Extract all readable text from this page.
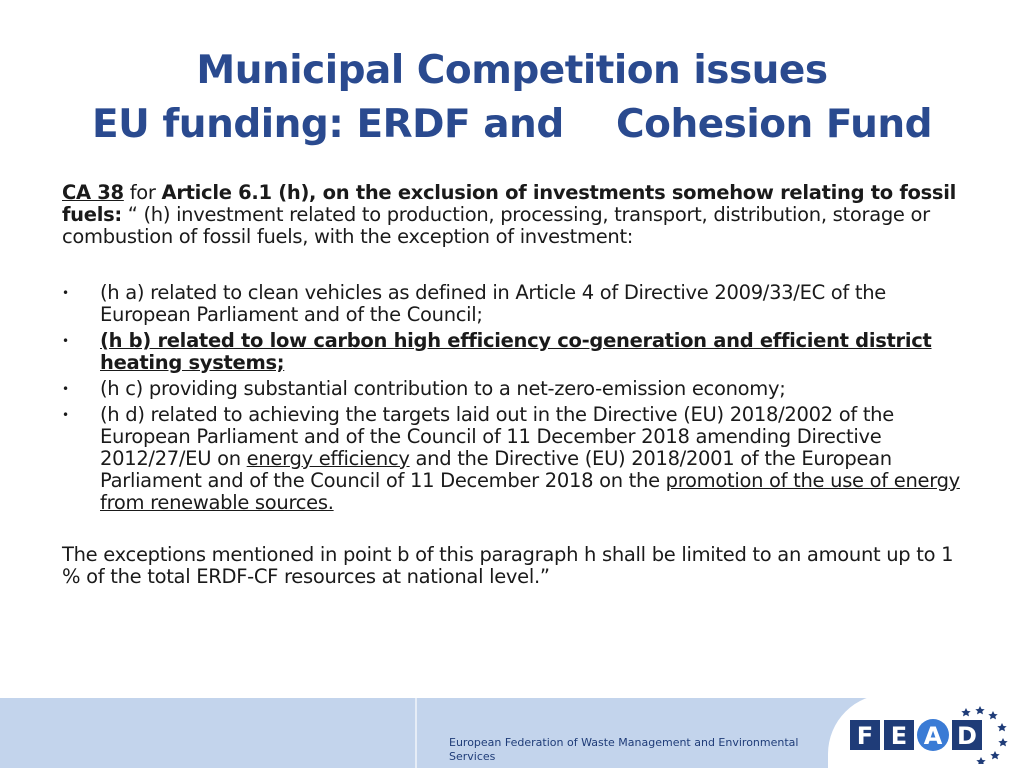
Municipal Competition issues
EU funding: ERDF and    Cohesion Fund

CA 38 for Article 6.1 (h), on the exclusion of investments somehow relating to fossil fuels: “ (h) investment related to production, processing, transport, distribution, storage or combustion of fossil fuels, with the exception of investment:

• (h a) related to clean vehicles as defined in Article 4 of Directive 2009/33/EC of the European Parliament and of the Council;
• (h b) related to low carbon high efficiency co-generation and efficient district heating systems;
• (h c) providing substantial contribution to a net-zero-emission economy;
• (h d) related to achieving the targets laid out in the Directive (EU) 2018/2002 of the European Parliament and of the Council of 11 December 2018 amending Directive 2012/27/EU on energy efficiency and the Directive (EU) 2018/2001 of the European Parliament and of the Council of 11 December 2018 on the promotion of the use of energy from renewable sources.

The exceptions mentioned in point b of this paragraph h shall be limited to an amount up to 1 % of the total ERDF-CF resources at national level.”

European Federation of Waste Management and Environmental Services
F E A D
